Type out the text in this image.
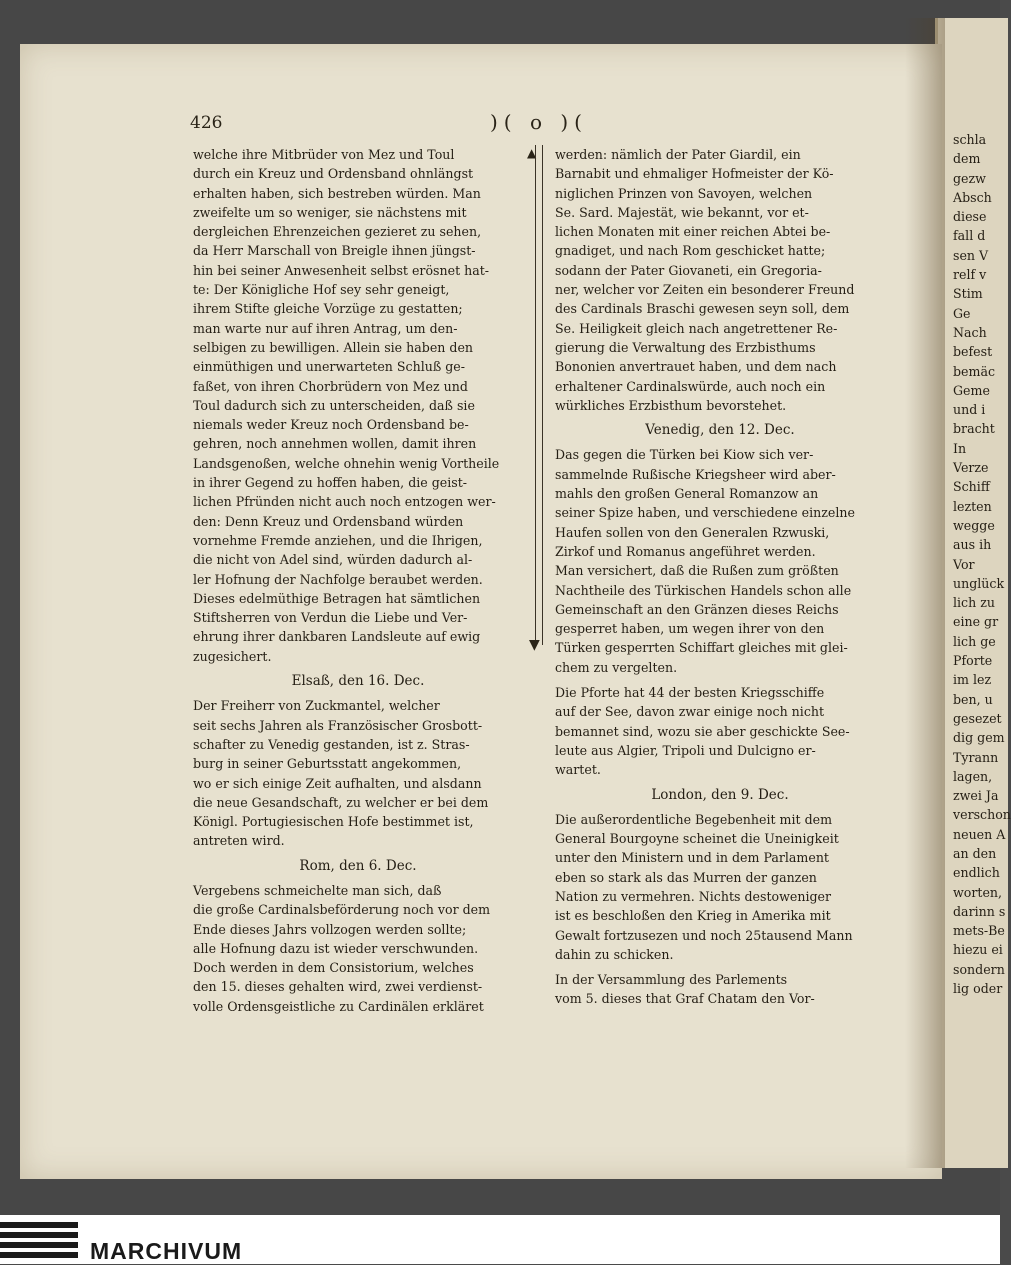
426	)( o )(

welche ihre Mitbrüder von Mez und Toul
durch ein Kreuz und Ordensband ohnlängst
erhalten haben, sich bestreben würden. Man
zweifelte um so weniger, sie nächstens mit
dergleichen Ehrenzeichen gezieret zu sehen,
da Herr Marschall von Breigle ihnen jüngst-
hin bei seiner Anwesenheit selbst erösnet hat-
te: Der Königliche Hof sey sehr geneigt,
ihrem Stifte gleiche Vorzüge zu gestatten;
man warte nur auf ihren Antrag, um den-
selbigen zu bewilligen. Allein sie haben den
einmüthigen und unerwarteten Schluß ge-
faßet, von ihren Chorbrüdern von Mez und
Toul dadurch sich zu unterscheiden, daß sie
niemals weder Kreuz noch Ordensband be-
gehren, noch annehmen wollen, damit ihren
Landsgenoßen, welche ohnehin wenig Vortheile
in ihrer Gegend zu hoffen haben, die geist-
lichen Pfründen nicht auch noch entzogen wer-
den: Denn Kreuz und Ordensband würden
vornehme Fremde anziehen, und die Ihrigen,
die nicht von Adel sind, würden dadurch al-
ler Hofnung der Nachfolge beraubet werden.
Dieses edelmüthige Betragen hat sämtlichen
Stiftsherren von Verdun die Liebe und Ver-
ehrung ihrer dankbaren Landsleute auf ewig
zugesichert.

Elsaß, den 16. Dec.

Der Freiherr von Zuckmantel, welcher
seit sechs Jahren als Französischer Grosbott-
schafter zu Venedig gestanden, ist z. Stras-
burg in seiner Geburtsstatt angekommen,
wo er sich einige Zeit aufhalten, und alsdann
die neue Gesandschaft, zu welcher er bei dem
Königl. Portugiesischen Hofe bestimmet ist,
antreten wird.

Rom, den 6. Dec.

Vergebens schmeichelte man sich, daß
die große Cardinalsbeförderung noch vor dem
Ende dieses Jahrs vollzogen werden sollte;
alle Hofnung dazu ist wieder verschwunden.
Doch werden in dem Consistorium, welches
den 15. dieses gehalten wird, zwei verdienst-
volle Ordensgeistliche zu Cardinälen erkläret

▲
▼

werden: nämlich der Pater Giardil, ein
Barnabit und ehmaliger Hofmeister der Kö-
niglichen Prinzen von Savoyen, welchen
Se. Sard. Majestät, wie bekannt, vor et-
lichen Monaten mit einer reichen Abtei be-
gnadiget, und nach Rom geschicket hatte;
sodann der Pater Giovaneti, ein Gregoria-
ner, welcher vor Zeiten ein besonderer Freund
des Cardinals Braschi gewesen seyn soll, dem
Se. Heiligkeit gleich nach angetrettener Re-
gierung die Verwaltung des Erzbisthums
Bononien anvertrauet haben, und dem nach
erhaltener Cardinalswürde, auch noch ein
würkliches Erzbisthum bevorstehet.

Venedig, den 12. Dec.

Das gegen die Türken bei Kiow sich ver-
sammelnde Rußische Kriegsheer wird aber-
mahls den großen General Romanzow an
seiner Spize haben, und verschiedene einzelne
Haufen sollen von den Generalen Rzwuski,
Zirkof und Romanus angeführet werden.
Man versichert, daß die Rußen zum größten
Nachtheile des Türkischen Handels schon alle
Gemeinschaft an den Gränzen dieses Reichs
gesperret haben, um wegen ihrer von den
Türken gesperrten Schiffart gleiches mit glei-
chem zu vergelten.

Die Pforte hat 44 der besten Kriegsschiffe
auf der See, davon zwar einige noch nicht
bemannet sind, wozu sie aber geschickte See-
leute aus Algier, Tripoli und Dulcigno er-
wartet.

London, den 9. Dec.

Die außerordentliche Begebenheit mit dem
General Bourgoyne scheinet die Uneinigkeit
unter den Ministern und in dem Parlament
eben so stark als das Murren der ganzen
Nation zu vermehren. Nichts destoweniger
ist es beschloßen den Krieg in Amerika mit
Gewalt fortzusezen und noch 25tausend Mann
dahin zu schicken.

In der Versammlung des Parlements
vom 5. dieses that Graf Chatam den Vor-

schla
dem
gezw
Absch
diese
fall d
sen V
relf v
Stim
Ge
Nach
befest
bemäc
Geme
und i
bracht
In
Verze
Schiff
lezten
wegge
aus ih
Vor
unglück
lich zu
eine gr
lich ge
Pforte
im lez
ben, u
gesezet
dig gem
Tyrann
lagen,
zwei Ja
verschon
neuen A
an den
endlich
worten,
darinn s
mets-Be
hiezu ei
sondern
lig oder
MARCHIVUM
